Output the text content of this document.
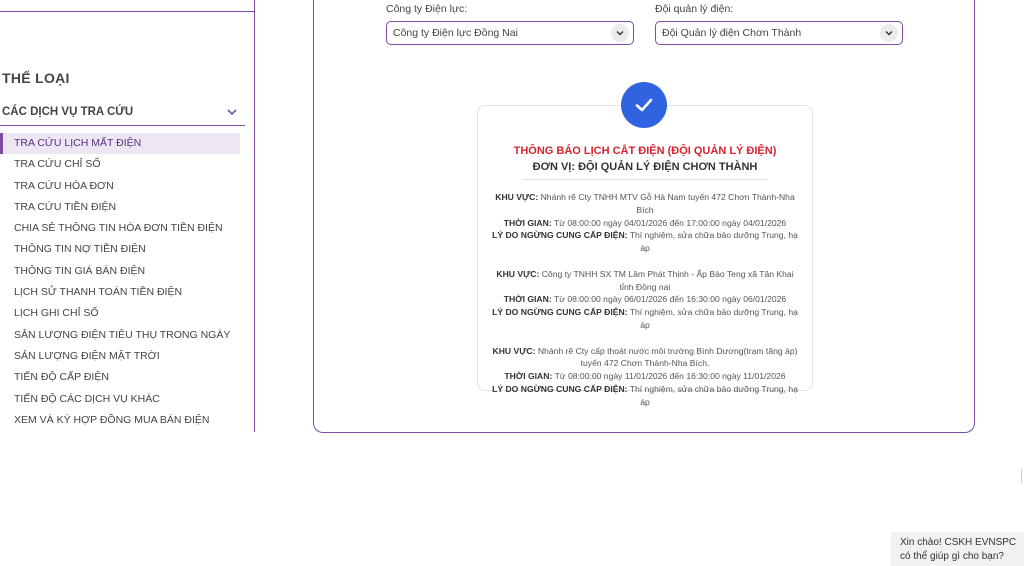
THỂ LOẠI
CÁC DỊCH VỤ TRA CỨU
TRA CỨU LỊCH MẤT ĐIỆN
TRA CỨU CHỈ SỐ
TRA CỨU HÓA ĐƠN
TRA CỨU TIỀN ĐIỆN
CHIA SẺ THÔNG TIN HÓA ĐƠN TIỀN ĐIỆN
THÔNG TIN NỢ TIỀN ĐIỆN
THÔNG TIN GIÁ BÁN ĐIỆN
LỊCH SỬ THANH TOÁN TIỀN ĐIỆN
LỊCH GHI CHỈ SỐ
SẢN LƯỢNG ĐIỆN TIÊU THỤ TRONG NGÀY
SẢN LƯỢNG ĐIỆN MẶT TRỜI
TIẾN ĐỘ CẤP ĐIỆN
TIẾN ĐỘ CÁC DỊCH VỤ KHÁC
XEM VÀ KÝ HỢP ĐỒNG MUA BÁN ĐIỆN
Công ty Điện lực:
Công ty Điện lực Đồng Nai
Đội quản lý điện:
Đội Quản lý điện Chơn Thành
THÔNG BÁO LỊCH CẮT ĐIỆN (ĐỘI QUẢN LÝ ĐIỆN)
ĐƠN VỊ: ĐỘI QUẢN LÝ ĐIỆN CHƠN THÀNH
KHU VỰC: Nhánh rẽ Cty TNHH MTV Gỗ Hà Nam tuyến 472 Chơn Thành-Nha Bích
THỜI GIAN: Từ 08:00:00 ngày 04/01/2026 đến 17:00:00 ngày 04/01/2026
LÝ DO NGỪNG CUNG CẤP ĐIỆN: Thí nghiệm, sửa chữa bảo dưỡng Trung, hạ áp
KHU VỰC: Công ty TNHH SX TM Lâm Phát Thịnh - Ấp Bào Teng xã Tân Khai tỉnh Đồng nai
THỜI GIAN: Từ 08:00:00 ngày 06/01/2026 đến 16:30:00 ngày 06/01/2026
LÝ DO NGỪNG CUNG CẤP ĐIỆN: Thí nghiệm, sửa chữa bảo dưỡng Trung, hạ áp
KHU VỰC: Nhánh rẽ Cty cấp thoát nước môi trường Bình Dương(trạm tăng áp) tuyến 472 Chơn Thành-Nha Bích.
THỜI GIAN: Từ 08:00:00 ngày 11/01/2026 đến 16:30:00 ngày 11/01/2026
LÝ DO NGỪNG CUNG CẤP ĐIỆN: Thí nghiệm, sửa chữa bảo dưỡng Trung, hạ áp
Xin chào! CSKH EVNSPC
có thể giúp gì cho bạn?
